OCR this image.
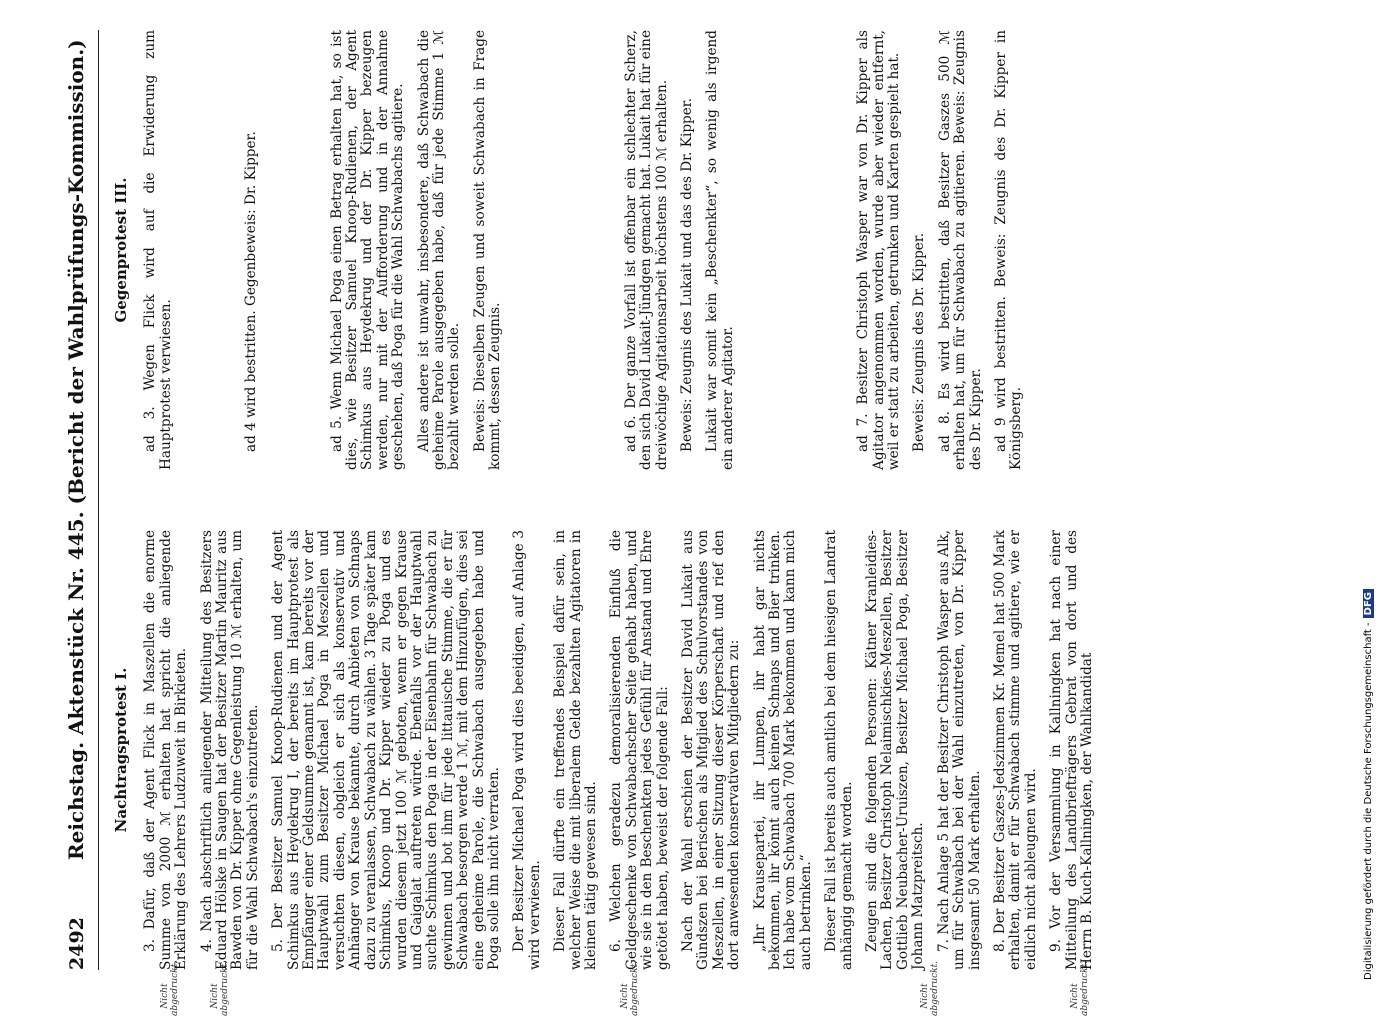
2492
Reichstag. Aktenstück Nr. 445. (Bericht der Wahlprüfungs-Kommission.) Nachtragsprotest I. 3. Dafür, daß der Agent Flick in Maszellen die enorme Summe von 2000 ℳ erhalten hat spricht die anliegende Erklärung des Lehrers Ludzuweit in Birkieten. 4. Nach abschriftlich anliegender Mitteilung des Besitzers Eduard Hölske in Saugen hat der Besitzer Martin Mauritz aus Bawden von Dr. Kipper ohne Gegenleistung 10 ℳ erhalten, um für die Wahl Schwabach's einzutreten. 5. Der Besitzer Samuel Knoop-Rudienen und der Agent Schimkus aus Heydekrug I, der bereits im Hauptprotest als Empfänger einer Geldsumme genannt ist, kam bereits vor der Hauptwahl zum Besitzer Michael Poga in Meszellen und versuchten diesen, obgleich er sich als konservativ und Anhänger von Krause bekannte, durch Anbieten von Schnaps dazu zu veranlassen, Schwabach zu wählen. 3 Tage später kam Schimkus, Knoop und Dr. Kipper wieder zu Poga und es wurden diesem jetzt 100 ℳ geboten, wenn er gegen Krause und Gaigalat auftreten würde. Ebenfalls vor der Hauptwahl suchte Schimkus den Poga in der Eisenbahn für Schwabach zu gewinnen und bot ihm für jede littauische Stimme, die er für Schwabach besorgen werde 1 ℳ, mit dem Hinzufügen, dies sei eine geheime Parole, die Schwabach ausgegeben habe und Poga solle ihn nicht verraten. Der Besitzer Michael Poga wird dies beeidigen, auf Anlage 3 wird verwiesen. Dieser Fall dürfte ein treffendes Beispiel dafür sein, in welcher Weise die mit liberalem Gelde bezahlten Agitatoren in kleinen tätig gewesen sind. 6. Welchen geradezu demoralisierenden Einfluß die Geldgeschenke von Schwabachscher Seite gehabt haben, und wie sie in den Beschenkten jedes Gefühl für Anstand und Ehre getötet haben, beweist der folgende Fall: Nach der Wahl erschien der Besitzer David Lukait aus Gündszen bei Berischen als Mitglied des Schulvorstandes von Meszellen, in einer Sitzung dieser Körperschaft und rief den dort anwesenden konservativen Mitgliedern zu: „Ihr Krausepartei, ihr Lumpen, ihr habt gar nichts bekommen, ihr könnt auch keinen Schnaps und Bier trinken. Ich habe vom Schwabach 700 Mark bekommen und kann mich auch betrinken.“ Dieser Fall ist bereits auch amtlich bei dem hiesigen Landrat anhängig gemacht worden. Zeugen sind die folgenden Personen: Kätner Kranleidies-Lachen, Besitzer Christoph Nelaimischkies-Meszellen, Besitzer Gottlieb Neubacher-Uruiszen, Besitzer Michael Poga, Besitzer Johann Matzpreitsch. 7. Nach Anlage 5 hat der Besitzer Christoph Wasper aus Alk, um für Schwabach bei der Wahl einzutreten, von Dr. Kipper insgesamt 50 Mark erhalten. 8. Der Besitzer Gaszes-Jedszimmen Kr. Memel hat 500 Mark erhalten, damit er für Schwabach stimme und agitiere, wie er eidlich nicht ableugnen wird. 9. Vor der Versammlung in Kallningken hat nach einer Mitteilung des Landbriefträgers Gebrat von dort und des Herrn B. Kuch-Kallningken, der Wahlkandidat

Nicht abgedruckt.	Nicht abgedruckt.	Nicht abgedruckt.	Nicht abgedruckt.	Nicht abgedruckt.
Gegenprotest III. ad 3. Wegen Flick wird auf die Erwiderung zum Hauptprotest verwiesen.	ad 4 wird bestritten. Gegenbeweis: Dr. Kipper.	ad 5. Wenn Michael Poga einen Betrag erhalten hat, so ist dies, wie Besitzer Samuel Knoop-Rudienen, der Agent Schimkus aus Heydekrug und der Dr. Kipper bezeugen werden, nur mit der Aufforderung und in der Annahme geschehen, daß Poga für die Wahl Schwabachs agitiere. Alles andere ist unwahr, insbesondere, daß Schwabach die geheime Parole ausgegeben habe, daß für jede Stimme 1 ℳ bezahlt werden solle. Beweis: Dieselben Zeugen und soweit Schwabach in Frage kommt, dessen Zeugnis.	ad 6. Der ganze Vorfall ist offenbar ein schlechter Scherz, den sich David Lukait-Jündgen gemacht hat. Lukait hat für eine dreiwöchige Agitationsarbeit höchstens 100 ℳ erhalten. Beweis: Zeugnis des Lukait und das des Dr. Kipper. Lukait war somit kein „Beschenkter“, so wenig als irgend ein anderer Agitator.	ad 7. Besitzer Christoph Wasper war von Dr. Kipper als Agitator angenommen worden, wurde aber wieder entfernt, weil er statt zu arbeiten, getrunken und Karten gespielt hat. Beweis: Zeugnis des Dr. Kipper. ad 8. Es wird bestritten, daß Besitzer Gaszes 500 ℳ erhalten hat, um für Schwabach zu agitieren. Beweis: Zeugnis des Dr. Kipper. ad 9 wird bestritten. Beweis: Zeugnis des Dr. Kipper in Königsberg.

Digitalisierung gefördert durch die Deutsche Forschungsgemeinschaft -DFG
